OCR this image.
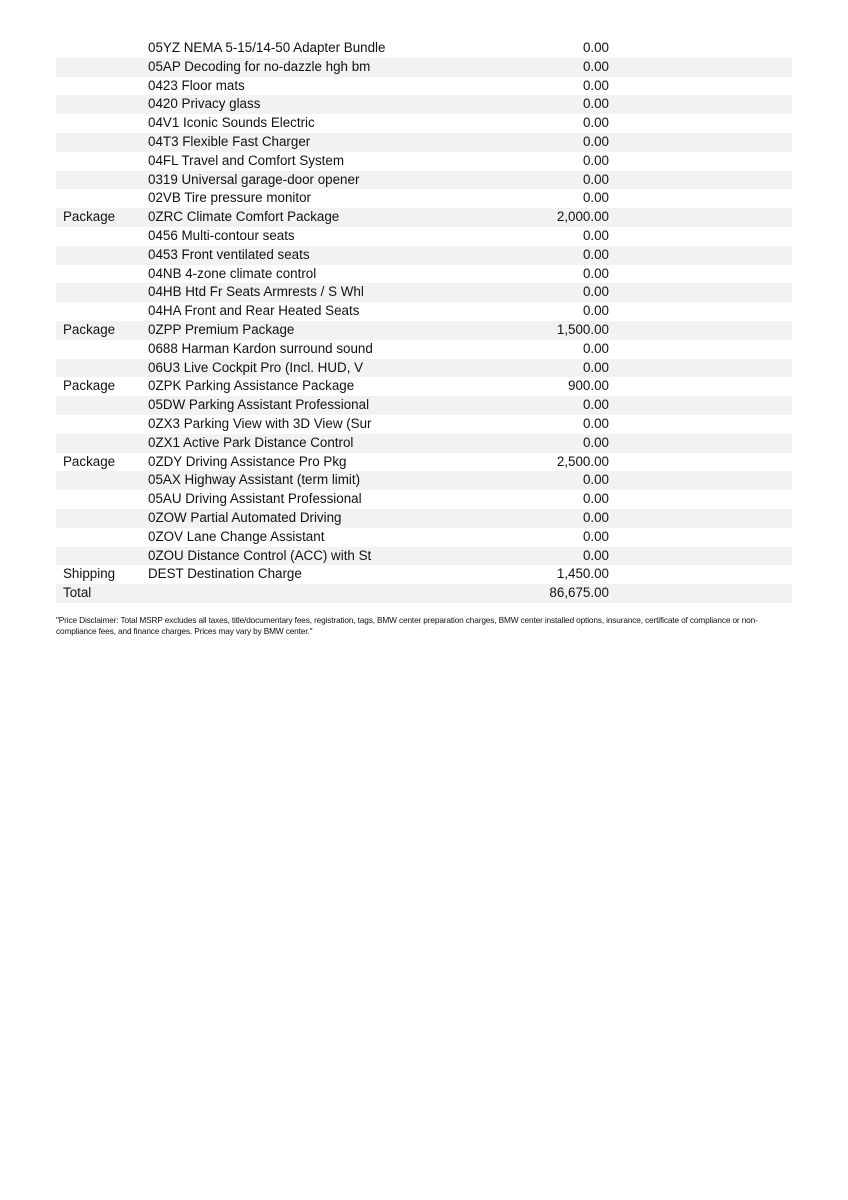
05YZ NEMA 5-15/14-50 Adapter Bundle	0.00
05AP Decoding for no-dazzle hgh bm	0.00
0423 Floor mats	0.00
0420 Privacy glass	0.00
04V1 Iconic Sounds Electric	0.00
04T3 Flexible Fast Charger	0.00
04FL Travel and Comfort System	0.00
0319 Universal garage-door opener	0.00
02VB Tire pressure monitor	0.00
Package 0ZRC Climate Comfort Package	2,000.00
0456 Multi-contour seats	0.00
0453 Front ventilated seats	0.00
04NB 4-zone climate control	0.00
04HB Htd Fr Seats Armrests / S Whl	0.00
04HA Front and Rear Heated Seats	0.00
Package 0ZPP Premium Package	1,500.00
0688 Harman Kardon surround sound	0.00
06U3 Live Cockpit Pro (Incl. HUD, V	0.00
Package 0ZPK Parking Assistance Package	900.00
05DW Parking Assistant Professional	0.00
0ZX3 Parking View with 3D View (Sur	0.00
0ZX1 Active Park Distance Control	0.00
Package 0ZDY Driving Assistance Pro Pkg	2,500.00
05AX Highway Assistant (term limit)	0.00
05AU Driving Assistant Professional	0.00
0ZOW Partial Automated Driving	0.00
0ZOV Lane Change Assistant	0.00
0ZOU Distance Control (ACC) with St	0.00
Shipping DEST Destination Charge	1,450.00
Total	86,675.00
"Price Disclaimer: Total MSRP excludes all taxes, title/documentary fees, registration, tags, BMW center preparation charges, BMW center installed options, insurance, certificate of compliance or non-compliance fees, and finance charges. Prices may vary by BMW center."
